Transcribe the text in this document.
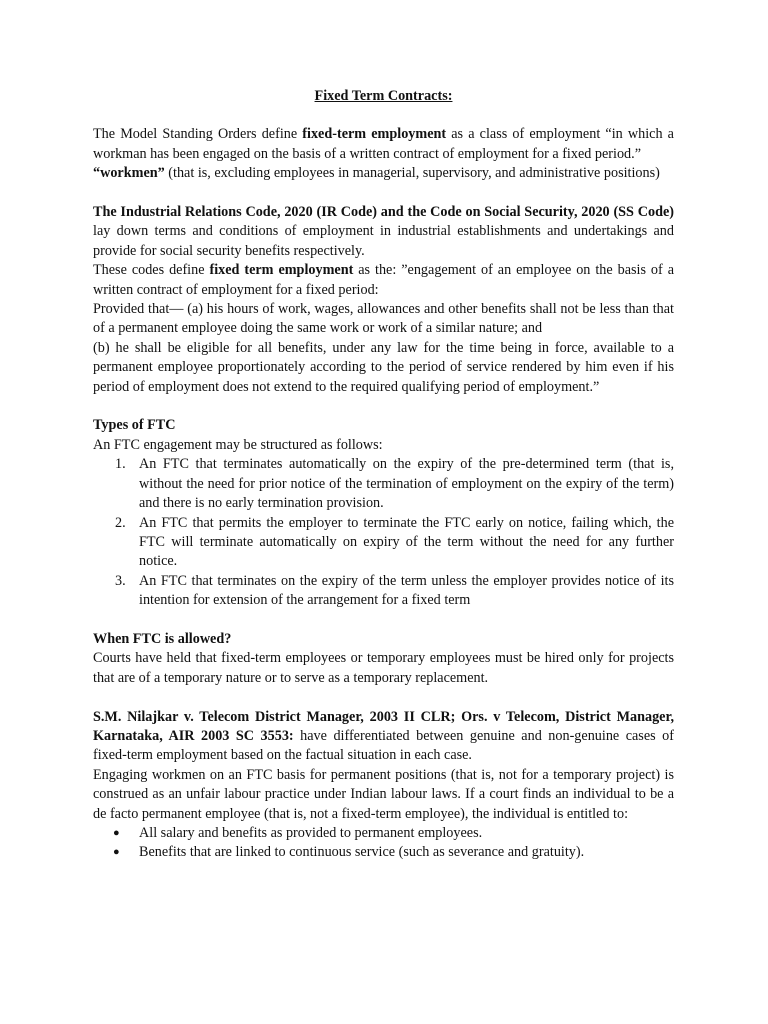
Fixed Term Contracts:

The Model Standing Orders define fixed-term employment as a class of employment “in which a workman has been engaged on the basis of a written contract of employment for a fixed period.”

“workmen” (that is, excluding employees in managerial, supervisory, and administrative positions)

The Industrial Relations Code, 2020 (IR Code) and the Code on Social Security, 2020 (SS Code) lay down terms and conditions of employment in industrial establishments and undertakings and provide for social security benefits respectively.

These codes define fixed term employment as the: ”engagement of an employee on the basis of a written contract of employment for a fixed period:

Provided that— (a) his hours of work, wages, allowances and other benefits shall not be less than that of a permanent employee doing the same work or work of a similar nature; and

(b) he shall be eligible for all benefits, under any law for the time being in force, available to a permanent employee proportionately according to the period of service rendered by him even if his period of employment does not extend to the required qualifying period of employment.”

Types of FTC

An FTC engagement may be structured as follows:

1. An FTC that terminates automatically on the expiry of the pre-determined term (that is, without the need for prior notice of the termination of employment on the expiry of the term) and there is no early termination provision.
2. An FTC that permits the employer to terminate the FTC early on notice, failing which, the FTC will terminate automatically on expiry of the term without the need for any further notice.
3. An FTC that terminates on the expiry of the term unless the employer provides notice of its intention for extension of the arrangement for a fixed term

When FTC is allowed?

Courts have held that fixed-term employees or temporary employees must be hired only for projects that are of a temporary nature or to serve as a temporary replacement.

S.M. Nilajkar v. Telecom District Manager, 2003 II CLR; Ors. v Telecom, District Manager, Karnataka, AIR 2003 SC 3553: have differentiated between genuine and non-genuine cases of fixed-term employment based on the factual situation in each case.

Engaging workmen on an FTC basis for permanent positions (that is, not for a temporary project) is construed as an unfair labour practice under Indian labour laws. If a court finds an individual to be a de facto permanent employee (that is, not a fixed-term employee), the individual is entitled to:

● All salary and benefits as provided to permanent employees.
● Benefits that are linked to continuous service (such as severance and gratuity).
